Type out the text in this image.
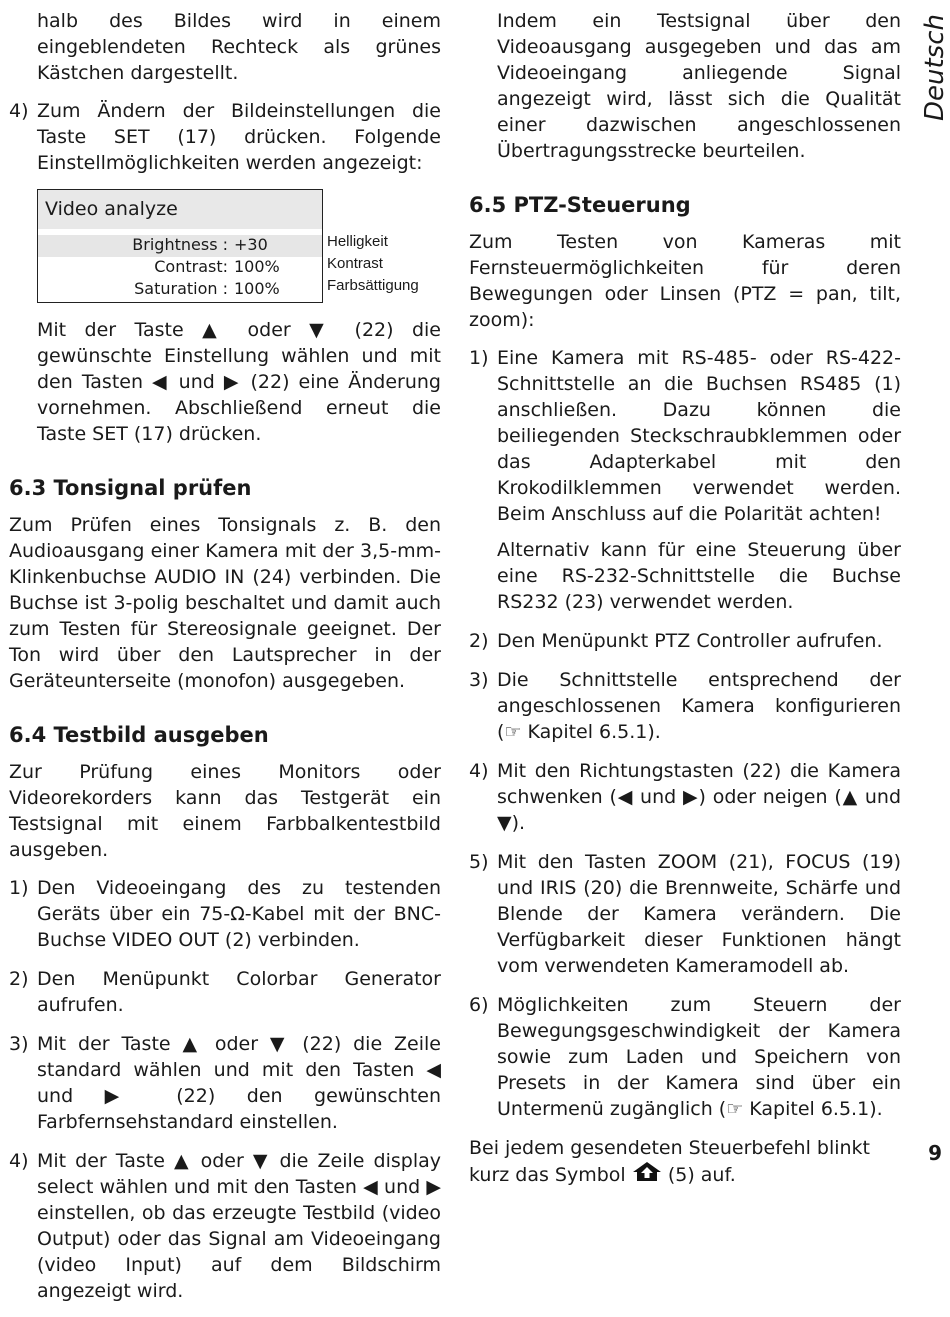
halb des Bildes wird in einem eingeblendeten Rechteck als grünes Kästchen dargestellt.

4) Zum Ändern der Bildeinstellungen die Taste SET (17) drücken. Folgende Einstellmöglichkeiten werden angezeigt:
Video analyze
Brightness : +30
Contrast: 100%
Saturation : 100%
Helligkeit
Kontrast
Farbsättigung

Mit der Taste ▲ oder ▼ (22) die gewünschte Einstellung wählen und mit den Tasten ◀ und ▶ (22) eine Änderung vornehmen. Abschließend erneut die Taste SET (17) drücken.

6.3 Tonsignal prüfen

Zum Prüfen eines Tonsignals z. B. den Audioausgang einer Kamera mit der 3,5-mm-Klinkenbuchse AUDIO IN (24) verbinden. Die Buchse ist 3-polig beschaltet und damit auch zum Testen für Stereosignale geeignet. Der Ton wird über den Lautsprecher in der Geräteunterseite (monofon) ausgegeben.

6.4 Testbild ausgeben

Zur Prüfung eines Monitors oder Videorekorders kann das Testgerät ein Testsignal mit einem Farbbalkentestbild ausgeben.

1) Den Videoeingang des zu testenden Geräts über ein 75-Ω-Kabel mit der BNC-Buchse VIDEO OUT (2) verbinden.
2) Den Menüpunkt Colorbar Generator aufrufen.
3) Mit der Taste ▲ oder ▼ (22) die Zeile standard wählen und mit den Tasten ◀ und ▶ (22) den gewünschten Farbfernsehstandard einstellen.
4) Mit der Taste ▲ oder ▼ die Zeile display select wählen und mit den Tasten ◀ und ▶ einstellen, ob das erzeugte Testbild (video Output) oder das Signal am Videoeingang (video Input) auf dem Bildschirm angezeigt wird.

Indem ein Testsignal über den Videoausgang ausgegeben und das am Videoeingang anliegende Signal angezeigt wird, lässt sich die Qualität einer dazwischen angeschlossenen Übertragungsstrecke beurteilen.

6.5 PTZ-Steuerung

Zum Testen von Kameras mit Fernsteuermöglichkeiten für deren Bewegungen oder Linsen (PTZ = pan, tilt, zoom):

1) Eine Kamera mit RS-485- oder RS-422-Schnittstelle an die Buchsen RS485 (1) anschließen. Dazu können die beiliegenden Steckschraubklemmen oder das Adapterkabel mit den Krokodilklemmen verwendet werden. Beim Anschluss auf die Polarität achten!
Alternativ kann für eine Steuerung über eine RS-232-Schnittstelle die Buchse RS232 (23) verwendet werden.
2) Den Menüpunkt PTZ Controller aufrufen.
3) Die Schnittstelle entsprechend der angeschlossenen Kamera konfigurieren (☞ Kapitel 6.5.1).
4) Mit den Richtungstasten (22) die Kamera schwenken (◀ und ▶) oder neigen (▲ und ▼).
5) Mit den Tasten ZOOM (21), FOCUS (19) und IRIS (20) die Brennweite, Schärfe und Blende der Kamera verändern. Die Verfügbarkeit dieser Funktionen hängt vom verwendeten Kameramodell ab.
6) Möglichkeiten zum Steuern der Bewegungsgeschwindigkeit der Kamera sowie zum Laden und Speichern von Presets in der Kamera sind über ein Untermenü zugänglich (☞ Kapitel 6.5.1).

Bei jedem gesendeten Steuerbefehl blinkt kurz das Symbol (5) auf.

Deutsch
9
